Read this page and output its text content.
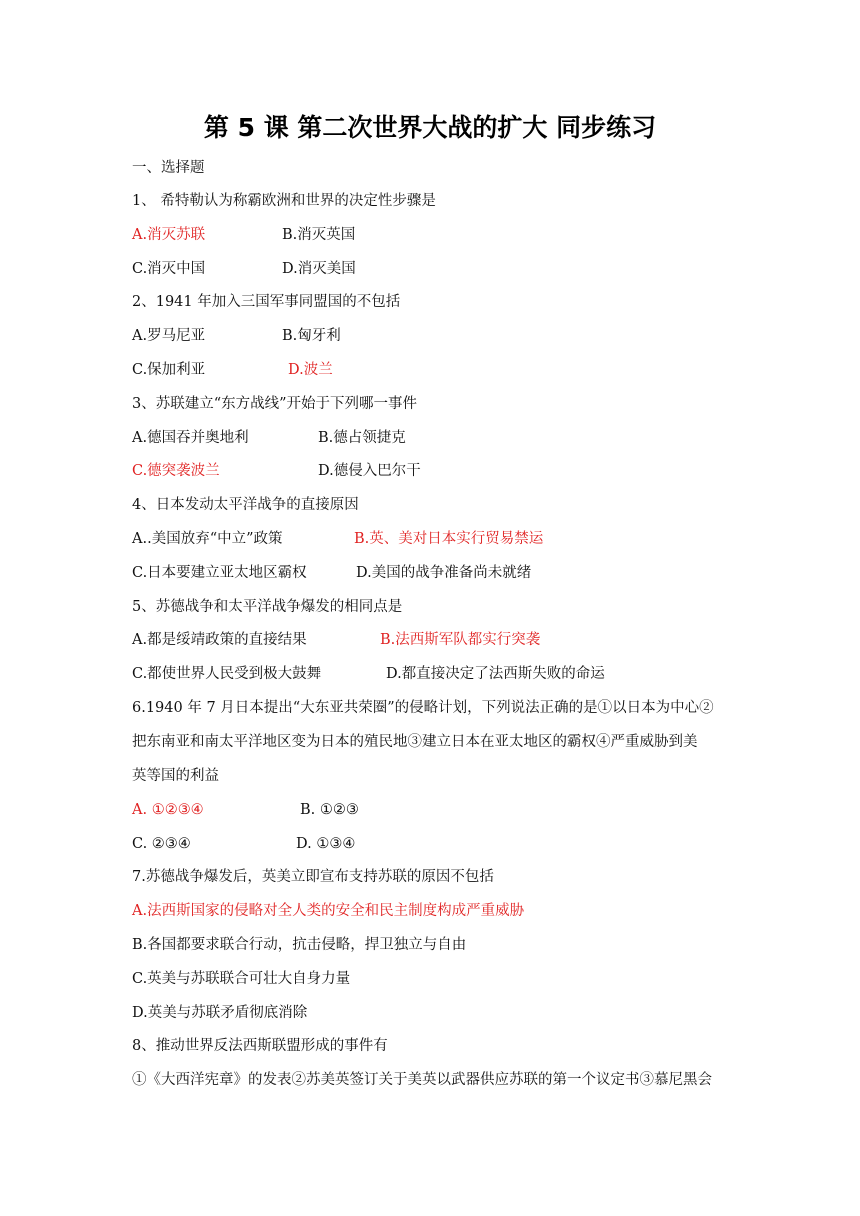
第 5 课 第二次世界大战的扩大 同步练习
一、选择题
1、 希特勒认为称霸欧洲和世界的决定性步骤是
A.消灭苏联	B.消灭英国
C.消灭中国	D.消灭美国
2、1941 年加入三国军事同盟国的不包括
A.罗马尼亚	B.匈牙利
C.保加利亚	D.波兰
3、苏联建立“东方战线”开始于下列哪一事件
A.德国吞并奥地利	B.德占领捷克
C.德突袭波兰	D.德侵入巴尔干
4、日本发动太平洋战争的直接原因
A..美国放弃“中立”政策	B.英、美对日本实行贸易禁运
C.日本要建立亚太地区霸权	D.美国的战争准备尚未就绪
5、苏德战争和太平洋战争爆发的相同点是
A.都是绥靖政策的直接结果	B.法西斯军队都实行突袭
C.都使世界人民受到极大鼓舞	D.都直接决定了法西斯失败的命运
6.1940 年 7 月日本提出“大东亚共荣圈”的侵略计划，下列说法正确的是①以日本为中心②
把东南亚和南太平洋地区变为日本的殖民地③建立日本在亚太地区的霸权④严重威胁到美
英等国的利益
A. ①②③④	B. ①②③
C. ②③④	D. ①③④
7.苏德战争爆发后，英美立即宣布支持苏联的原因不包括
A.法西斯国家的侵略对全人类的安全和民主制度构成严重威胁
B.各国都要求联合行动，抗击侵略，捍卫独立与自由
C.英美与苏联联合可壮大自身力量
D.英美与苏联矛盾彻底消除
8、推动世界反法西斯联盟形成的事件有
①《大西洋宪章》的发表②苏美英签订关于美英以武器供应苏联的第一个议定书③慕尼黑会
